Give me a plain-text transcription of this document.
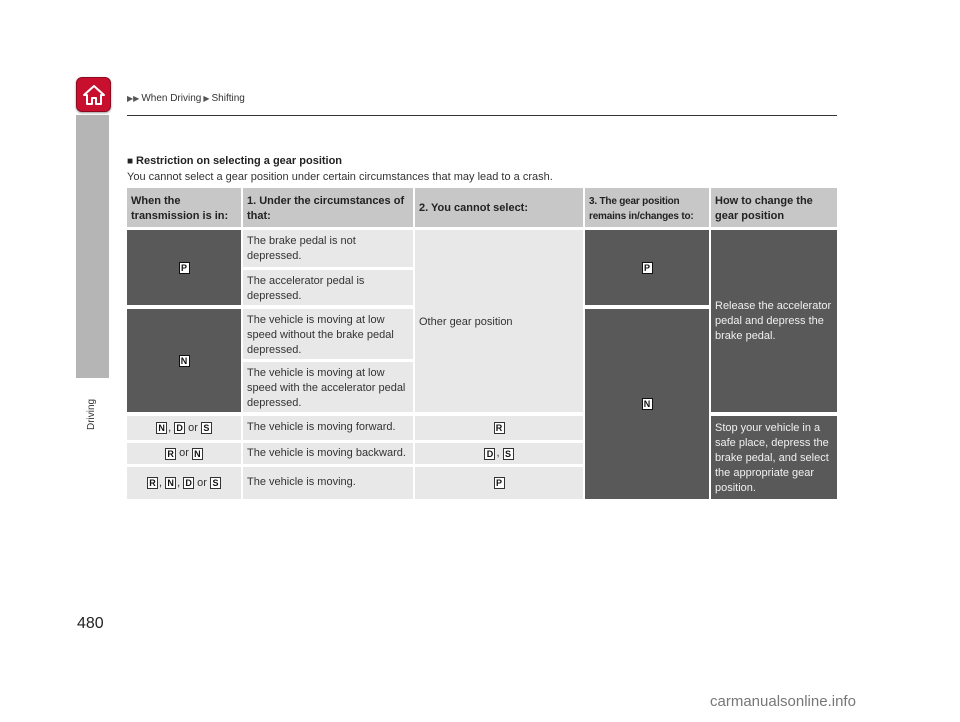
▶▶ When Driving ▶ Shifting
Driving
480
■ Restriction on selecting a gear position
You cannot select a gear position under certain circumstances that may lead to a crash.
When the transmission is in:
1. Under the circumstances of that:
2. You cannot select:
3. The gear position remains in/changes to:
How to change the gear position
P
N
N , D or S
R or N
R , N , D or S
The brake pedal is not depressed.
The accelerator pedal is depressed.
The vehicle is moving at low speed without the brake pedal depressed.
The vehicle is moving at low speed with the accelerator pedal depressed.
The vehicle is moving forward.
The vehicle is moving backward.
The vehicle is moving.
Other gear position
R
D , S
P
P
N
Release the accelerator pedal and depress the brake pedal.
Stop your vehicle in a safe place, depress the brake pedal, and select the appropriate gear position.
carmanualsonline.info
